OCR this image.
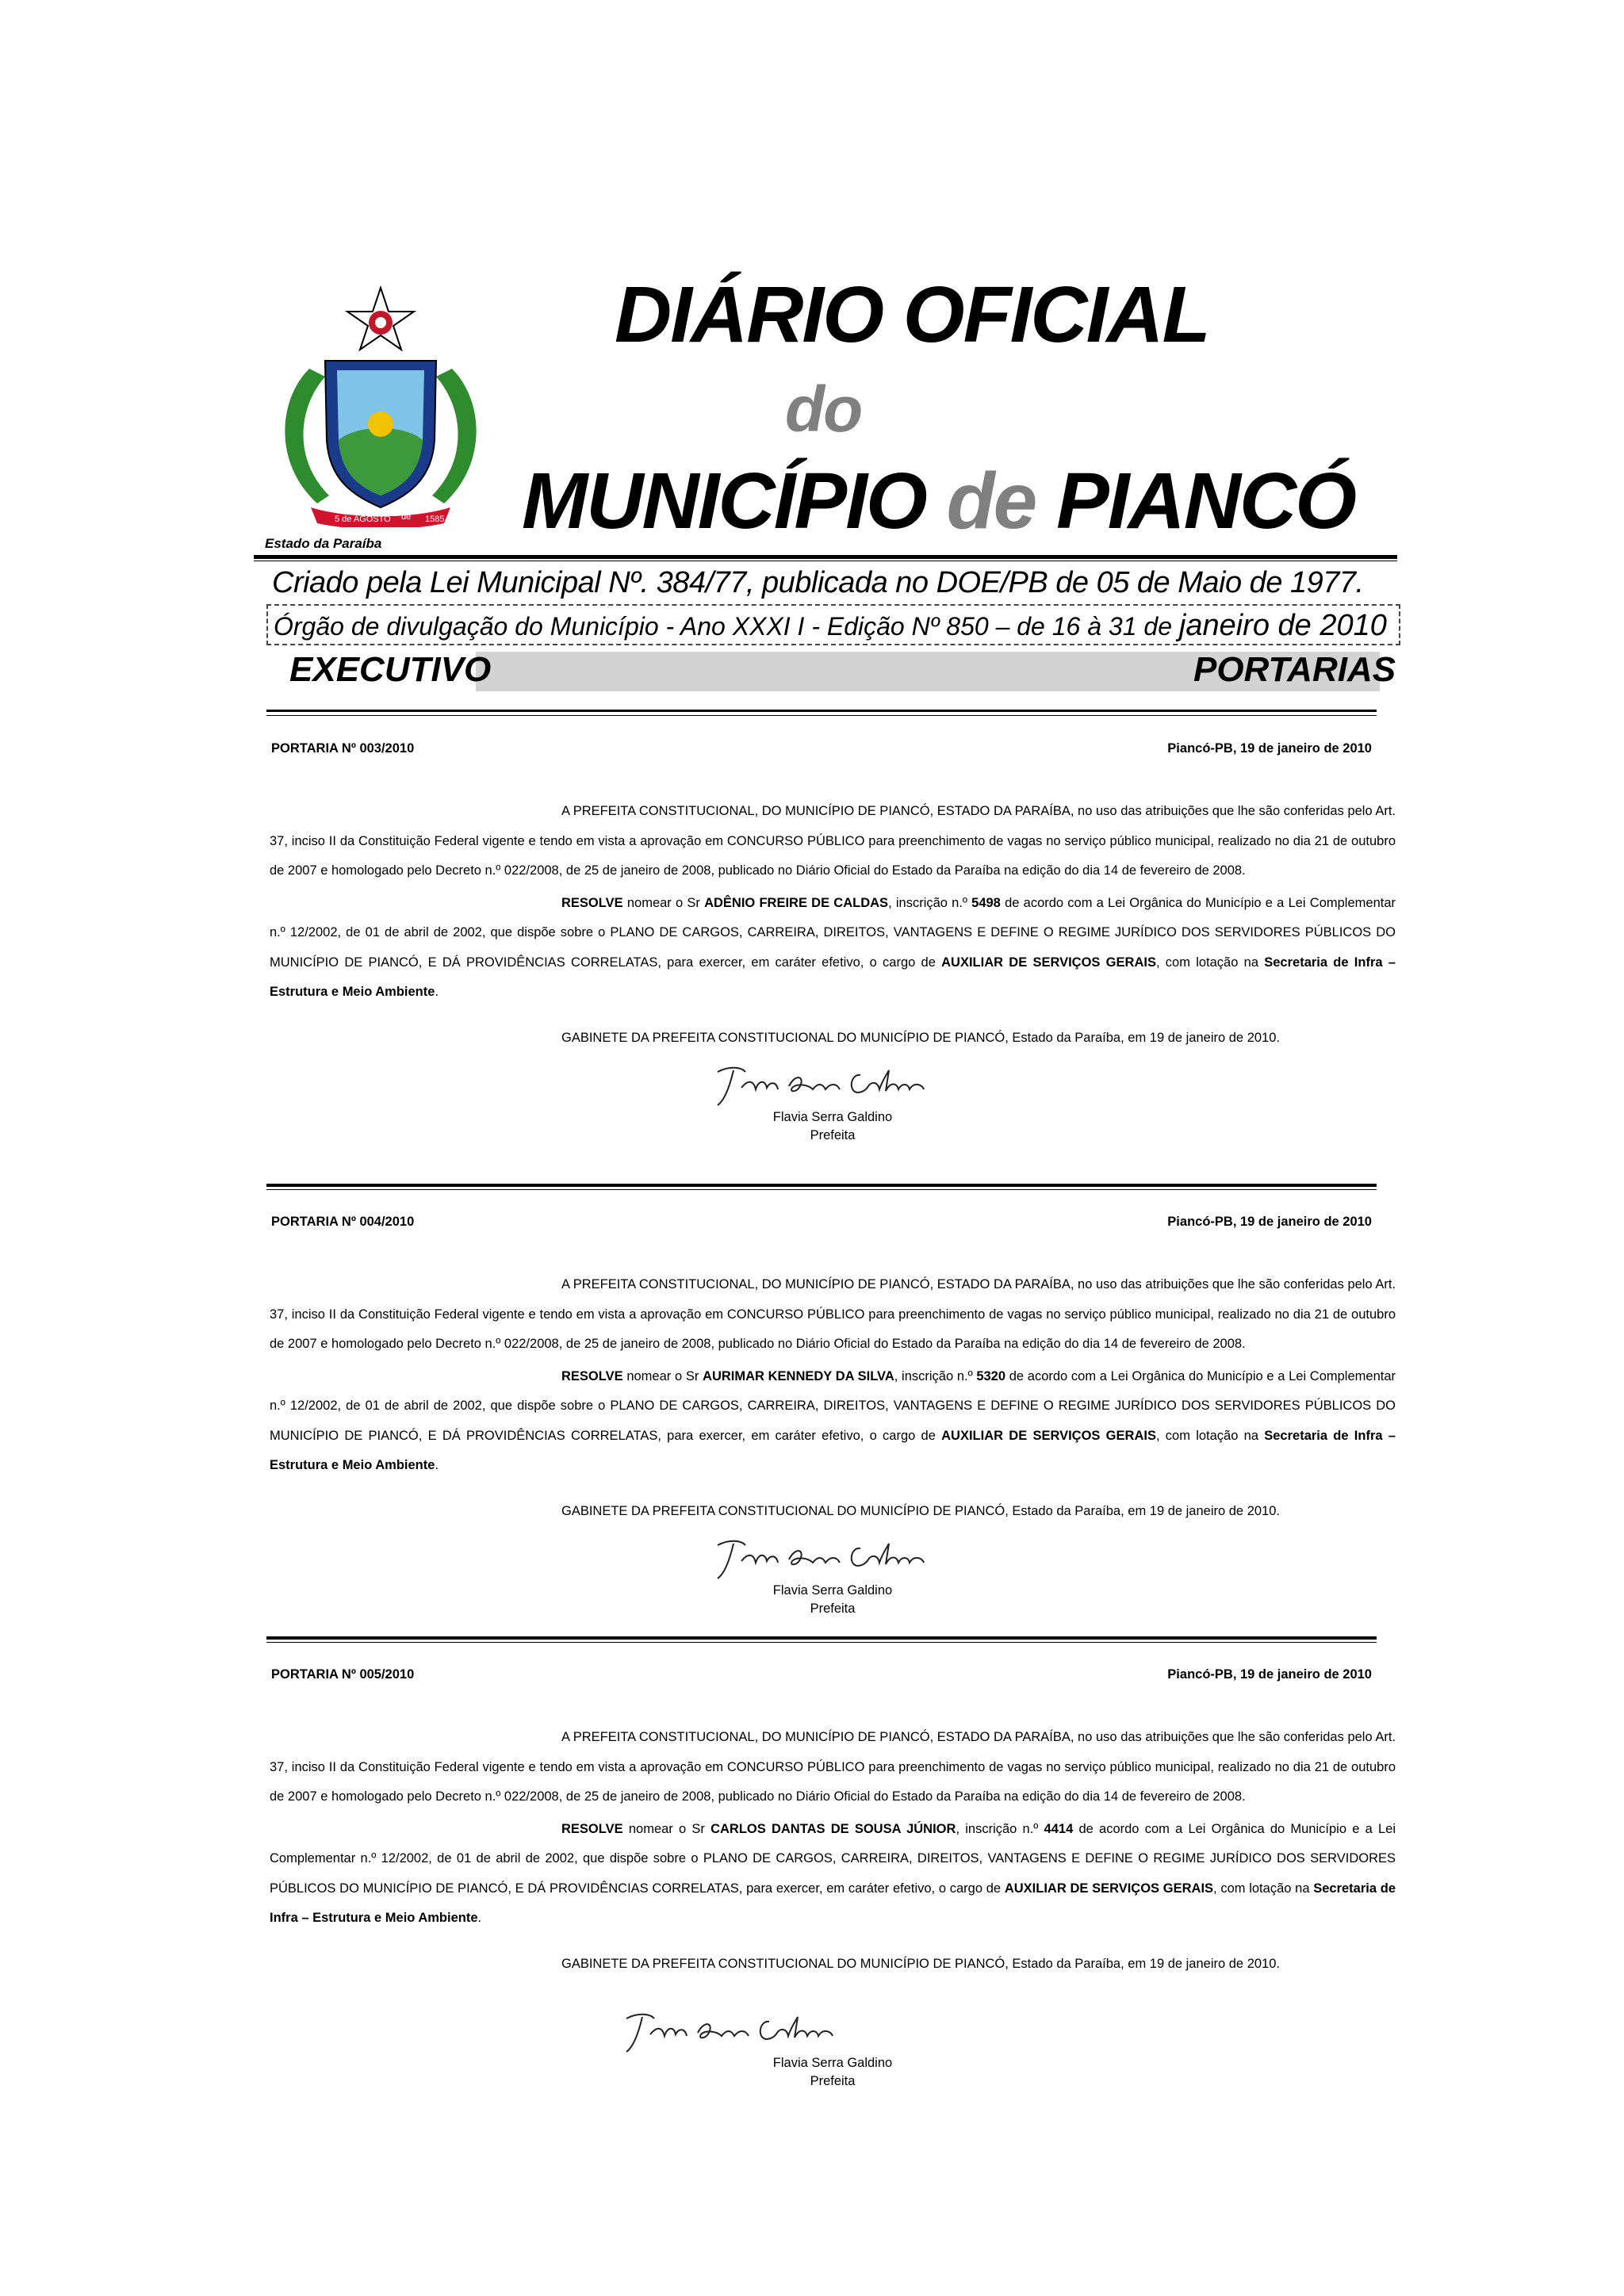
5 de AGOSTO de 1585
Estado da Paraíba
DIÁRIO OFICIAL
do
MUNICÍPIO de PIANCÓ
Criado pela Lei Municipal Nº. 384/77, publicada no DOE/PB de 05 de Maio de 1977.
Órgão de divulgação do Município - Ano XXXI I - Edição Nº 850 – de 16 à 31 de janeiro de 2010
EXECUTIVO	PORTARIAS
PORTARIA Nº 003/2010	Piancó-PB, 19 de janeiro de 2010

A PREFEITA CONSTITUCIONAL, DO MUNICÍPIO DE PIANCÓ, ESTADO DA PARAÍBA, no uso das atribuições que lhe são conferidas pelo Art. 37, inciso II da Constituição Federal vigente e tendo em vista a aprovação em CONCURSO PÚBLICO para preenchimento de vagas no serviço público municipal, realizado no dia 21 de outubro de 2007 e homologado pelo Decreto n.º 022/2008, de 25 de janeiro de 2008, publicado no Diário Oficial do Estado da Paraíba na edição do dia 14 de fevereiro de 2008.

RESOLVE nomear o Sr ADÊNIO FREIRE DE CALDAS, inscrição n.º 5498 de acordo com a Lei Orgânica do Município e a Lei Complementar n.º 12/2002, de 01 de abril de 2002, que dispõe sobre o PLANO DE CARGOS, CARREIRA, DIREITOS, VANTAGENS E DEFINE O REGIME JURÍDICO DOS SERVIDORES PÚBLICOS DO MUNICÍPIO DE PIANCÓ, E DÁ PROVIDÊNCIAS CORRELATAS, para exercer, em caráter efetivo, o cargo de AUXILIAR DE SERVIÇOS GERAIS, com lotação na Secretaria de Infra – Estrutura e Meio Ambiente.

GABINETE DA PREFEITA CONSTITUCIONAL DO MUNICÍPIO DE PIANCÓ, Estado da Paraíba, em 19 de janeiro de 2010.

Flavia Serra Galdino
Prefeita
PORTARIA Nº 004/2010	Piancó-PB, 19 de janeiro de 2010

A PREFEITA CONSTITUCIONAL, DO MUNICÍPIO DE PIANCÓ, ESTADO DA PARAÍBA, no uso das atribuições que lhe são conferidas pelo Art. 37, inciso II da Constituição Federal vigente e tendo em vista a aprovação em CONCURSO PÚBLICO para preenchimento de vagas no serviço público municipal, realizado no dia 21 de outubro de 2007 e homologado pelo Decreto n.º 022/2008, de 25 de janeiro de 2008, publicado no Diário Oficial do Estado da Paraíba na edição do dia 14 de fevereiro de 2008.

RESOLVE nomear o Sr AURIMAR KENNEDY DA SILVA, inscrição n.º 5320 de acordo com a Lei Orgânica do Município e a Lei Complementar n.º 12/2002, de 01 de abril de 2002, que dispõe sobre o PLANO DE CARGOS, CARREIRA, DIREITOS, VANTAGENS E DEFINE O REGIME JURÍDICO DOS SERVIDORES PÚBLICOS DO MUNICÍPIO DE PIANCÓ, E DÁ PROVIDÊNCIAS CORRELATAS, para exercer, em caráter efetivo, o cargo de AUXILIAR DE SERVIÇOS GERAIS, com lotação na Secretaria de Infra – Estrutura e Meio Ambiente.

GABINETE DA PREFEITA CONSTITUCIONAL DO MUNICÍPIO DE PIANCÓ, Estado da Paraíba, em 19 de janeiro de 2010.

Flavia Serra Galdino
Prefeita
PORTARIA Nº 005/2010	Piancó-PB, 19 de janeiro de 2010

A PREFEITA CONSTITUCIONAL, DO MUNICÍPIO DE PIANCÓ, ESTADO DA PARAÍBA, no uso das atribuições que lhe são conferidas pelo Art. 37, inciso II da Constituição Federal vigente e tendo em vista a aprovação em CONCURSO PÚBLICO para preenchimento de vagas no serviço público municipal, realizado no dia 21 de outubro de 2007 e homologado pelo Decreto n.º 022/2008, de 25 de janeiro de 2008, publicado no Diário Oficial do Estado da Paraíba na edição do dia 14 de fevereiro de 2008.

RESOLVE nomear o Sr CARLOS DANTAS DE SOUSA JÚNIOR, inscrição n.º 4414 de acordo com a Lei Orgânica do Município e a Lei Complementar n.º 12/2002, de 01 de abril de 2002, que dispõe sobre o PLANO DE CARGOS, CARREIRA, DIREITOS, VANTAGENS E DEFINE O REGIME JURÍDICO DOS SERVIDORES PÚBLICOS DO MUNICÍPIO DE PIANCÓ, E DÁ PROVIDÊNCIAS CORRELATAS, para exercer, em caráter efetivo, o cargo de AUXILIAR DE SERVIÇOS GERAIS, com lotação na Secretaria de Infra – Estrutura e Meio Ambiente.

GABINETE DA PREFEITA CONSTITUCIONAL DO MUNICÍPIO DE PIANCÓ, Estado da Paraíba, em 19 de janeiro de 2010.

Flavia Serra Galdino
Prefeita
